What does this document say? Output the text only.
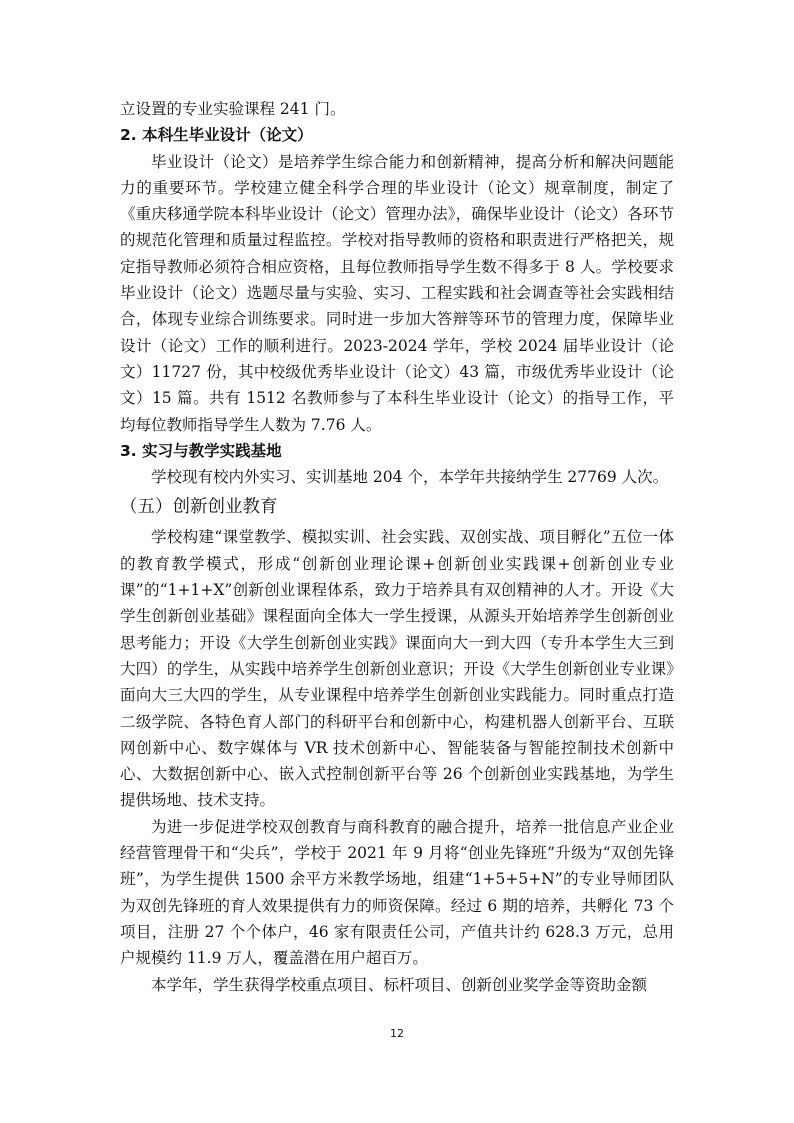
立设置的专业实验课程 241 门。

2. 本科生毕业设计（论文）

毕业设计（论文）是培养学生综合能力和创新精神，提高分析和解决问题能力的重要环节。学校建立健全科学合理的毕业设计（论文）规章制度，制定了《重庆移通学院本科毕业设计（论文）管理办法》，确保毕业设计（论文）各环节的规范化管理和质量过程监控。学校对指导教师的资格和职责进行严格把关，规定指导教师必须符合相应资格，且每位教师指导学生数不得多于 8 人。学校要求毕业设计（论文）选题尽量与实验、实习、工程实践和社会调查等社会实践相结合，体现专业综合训练要求。同时进一步加大答辩等环节的管理力度，保障毕业设计（论文）工作的顺利进行。2023-2024 学年，学校 2024 届毕业设计（论文）11727 份，其中校级优秀毕业设计（论文）43 篇，市级优秀毕业设计（论文）15 篇。共有 1512 名教师参与了本科生毕业设计（论文）的指导工作，平均每位教师指导学生人数为 7.76 人。

3. 实习与教学实践基地

学校现有校内外实习、实训基地 204 个，本学年共接纳学生 27769 人次。

（五）创新创业教育

学校构建“课堂教学、模拟实训、社会实践、双创实战、项目孵化”五位一体的教育教学模式，形成“创新创业理论课+创新创业实践课+创新创业专业课”的“1+1+X”创新创业课程体系，致力于培养具有双创精神的人才。开设《大学生创新创业基础》课程面向全体大一学生授课，从源头开始培养学生创新创业思考能力；开设《大学生创新创业实践》课面向大一到大四（专升本学生大三到大四）的学生，从实践中培养学生创新创业意识；开设《大学生创新创业专业课》面向大三大四的学生，从专业课程中培养学生创新创业实践能力。同时重点打造二级学院、各特色育人部门的科研平台和创新中心，构建机器人创新平台、互联网创新中心、数字媒体与 VR 技术创新中心、智能装备与智能控制技术创新中心、大数据创新中心、嵌入式控制创新平台等 26 个创新创业实践基地，为学生提供场地、技术支持。

为进一步促进学校双创教育与商科教育的融合提升，培养一批信息产业企业经营管理骨干和“尖兵”，学校于 2021 年 9 月将“创业先锋班”升级为“双创先锋班”，为学生提供 1500 余平方米教学场地，组建“1+5+5+N”的专业导师团队为双创先锋班的育人效果提供有力的师资保障。经过 6 期的培养，共孵化 73 个项目，注册 27 个个体户，46 家有限责任公司，产值共计约 628.3 万元，总用户规模约 11.9 万人，覆盖潜在用户超百万。

本学年，学生获得学校重点项目、标杆项目、创新创业奖学金等资助金额

12
